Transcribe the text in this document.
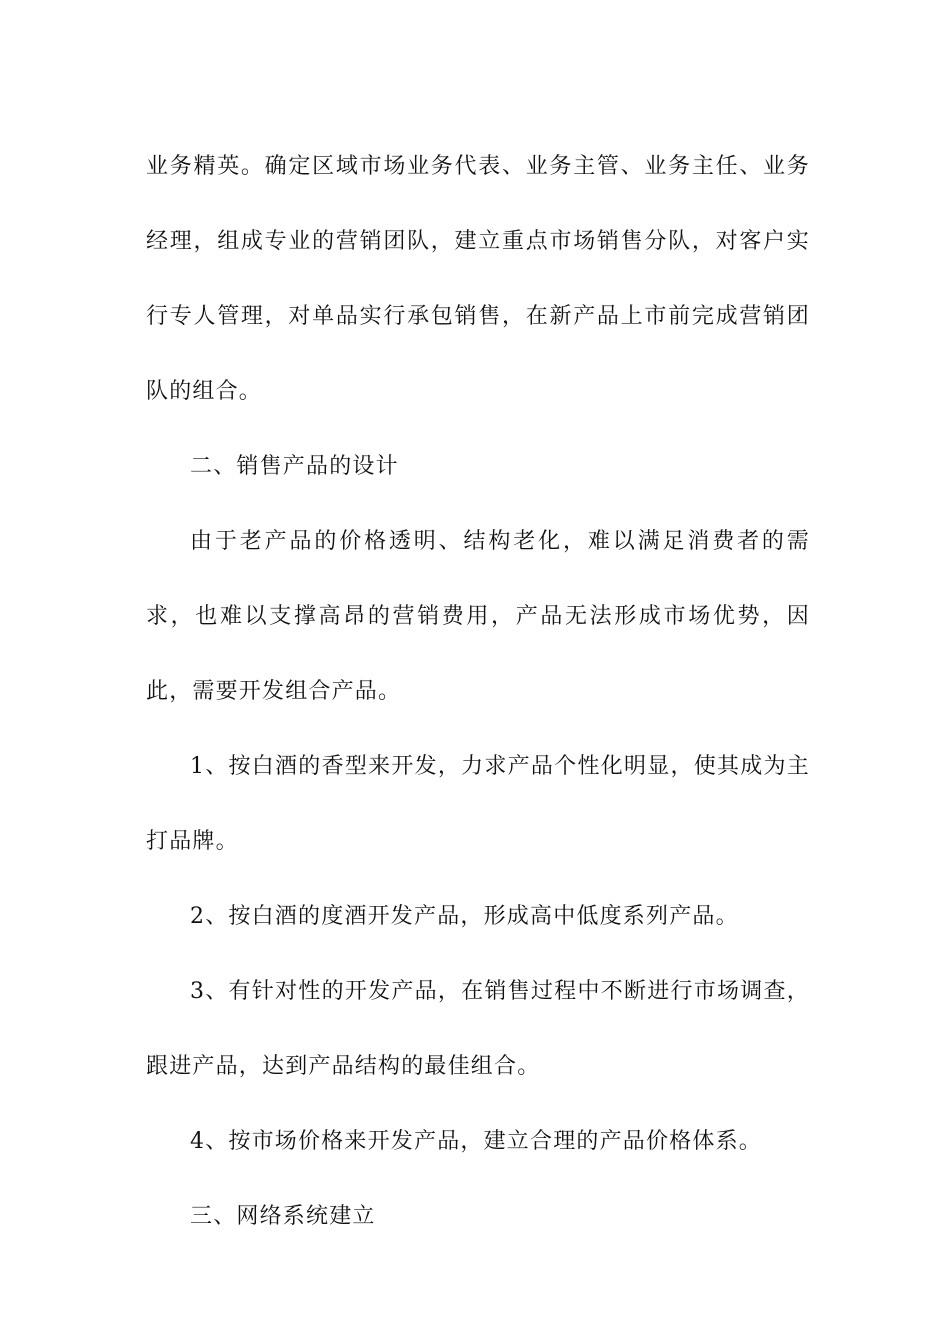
业务精英。确定区域市场业务代表、业务主管、业务主任、业务经理，组成专业的营销团队，建立重点市场销售分队，对客户实行专人管理，对单品实行承包销售，在新产品上市前完成营销团队的组合。

二、销售产品的设计

由于老产品的价格透明、结构老化，难以满足消费者的需求，也难以支撑高昂的营销费用，产品无法形成市场优势，因此，需要开发组合产品。

1、按白酒的香型来开发，力求产品个性化明显，使其成为主打品牌。

2、按白酒的度酒开发产品，形成高中低度系列产品。

3、有针对性的开发产品，在销售过程中不断进行市场调查，跟进产品，达到产品结构的最佳组合。

4、按市场价格来开发产品，建立合理的产品价格体系。

三、网络系统建立
